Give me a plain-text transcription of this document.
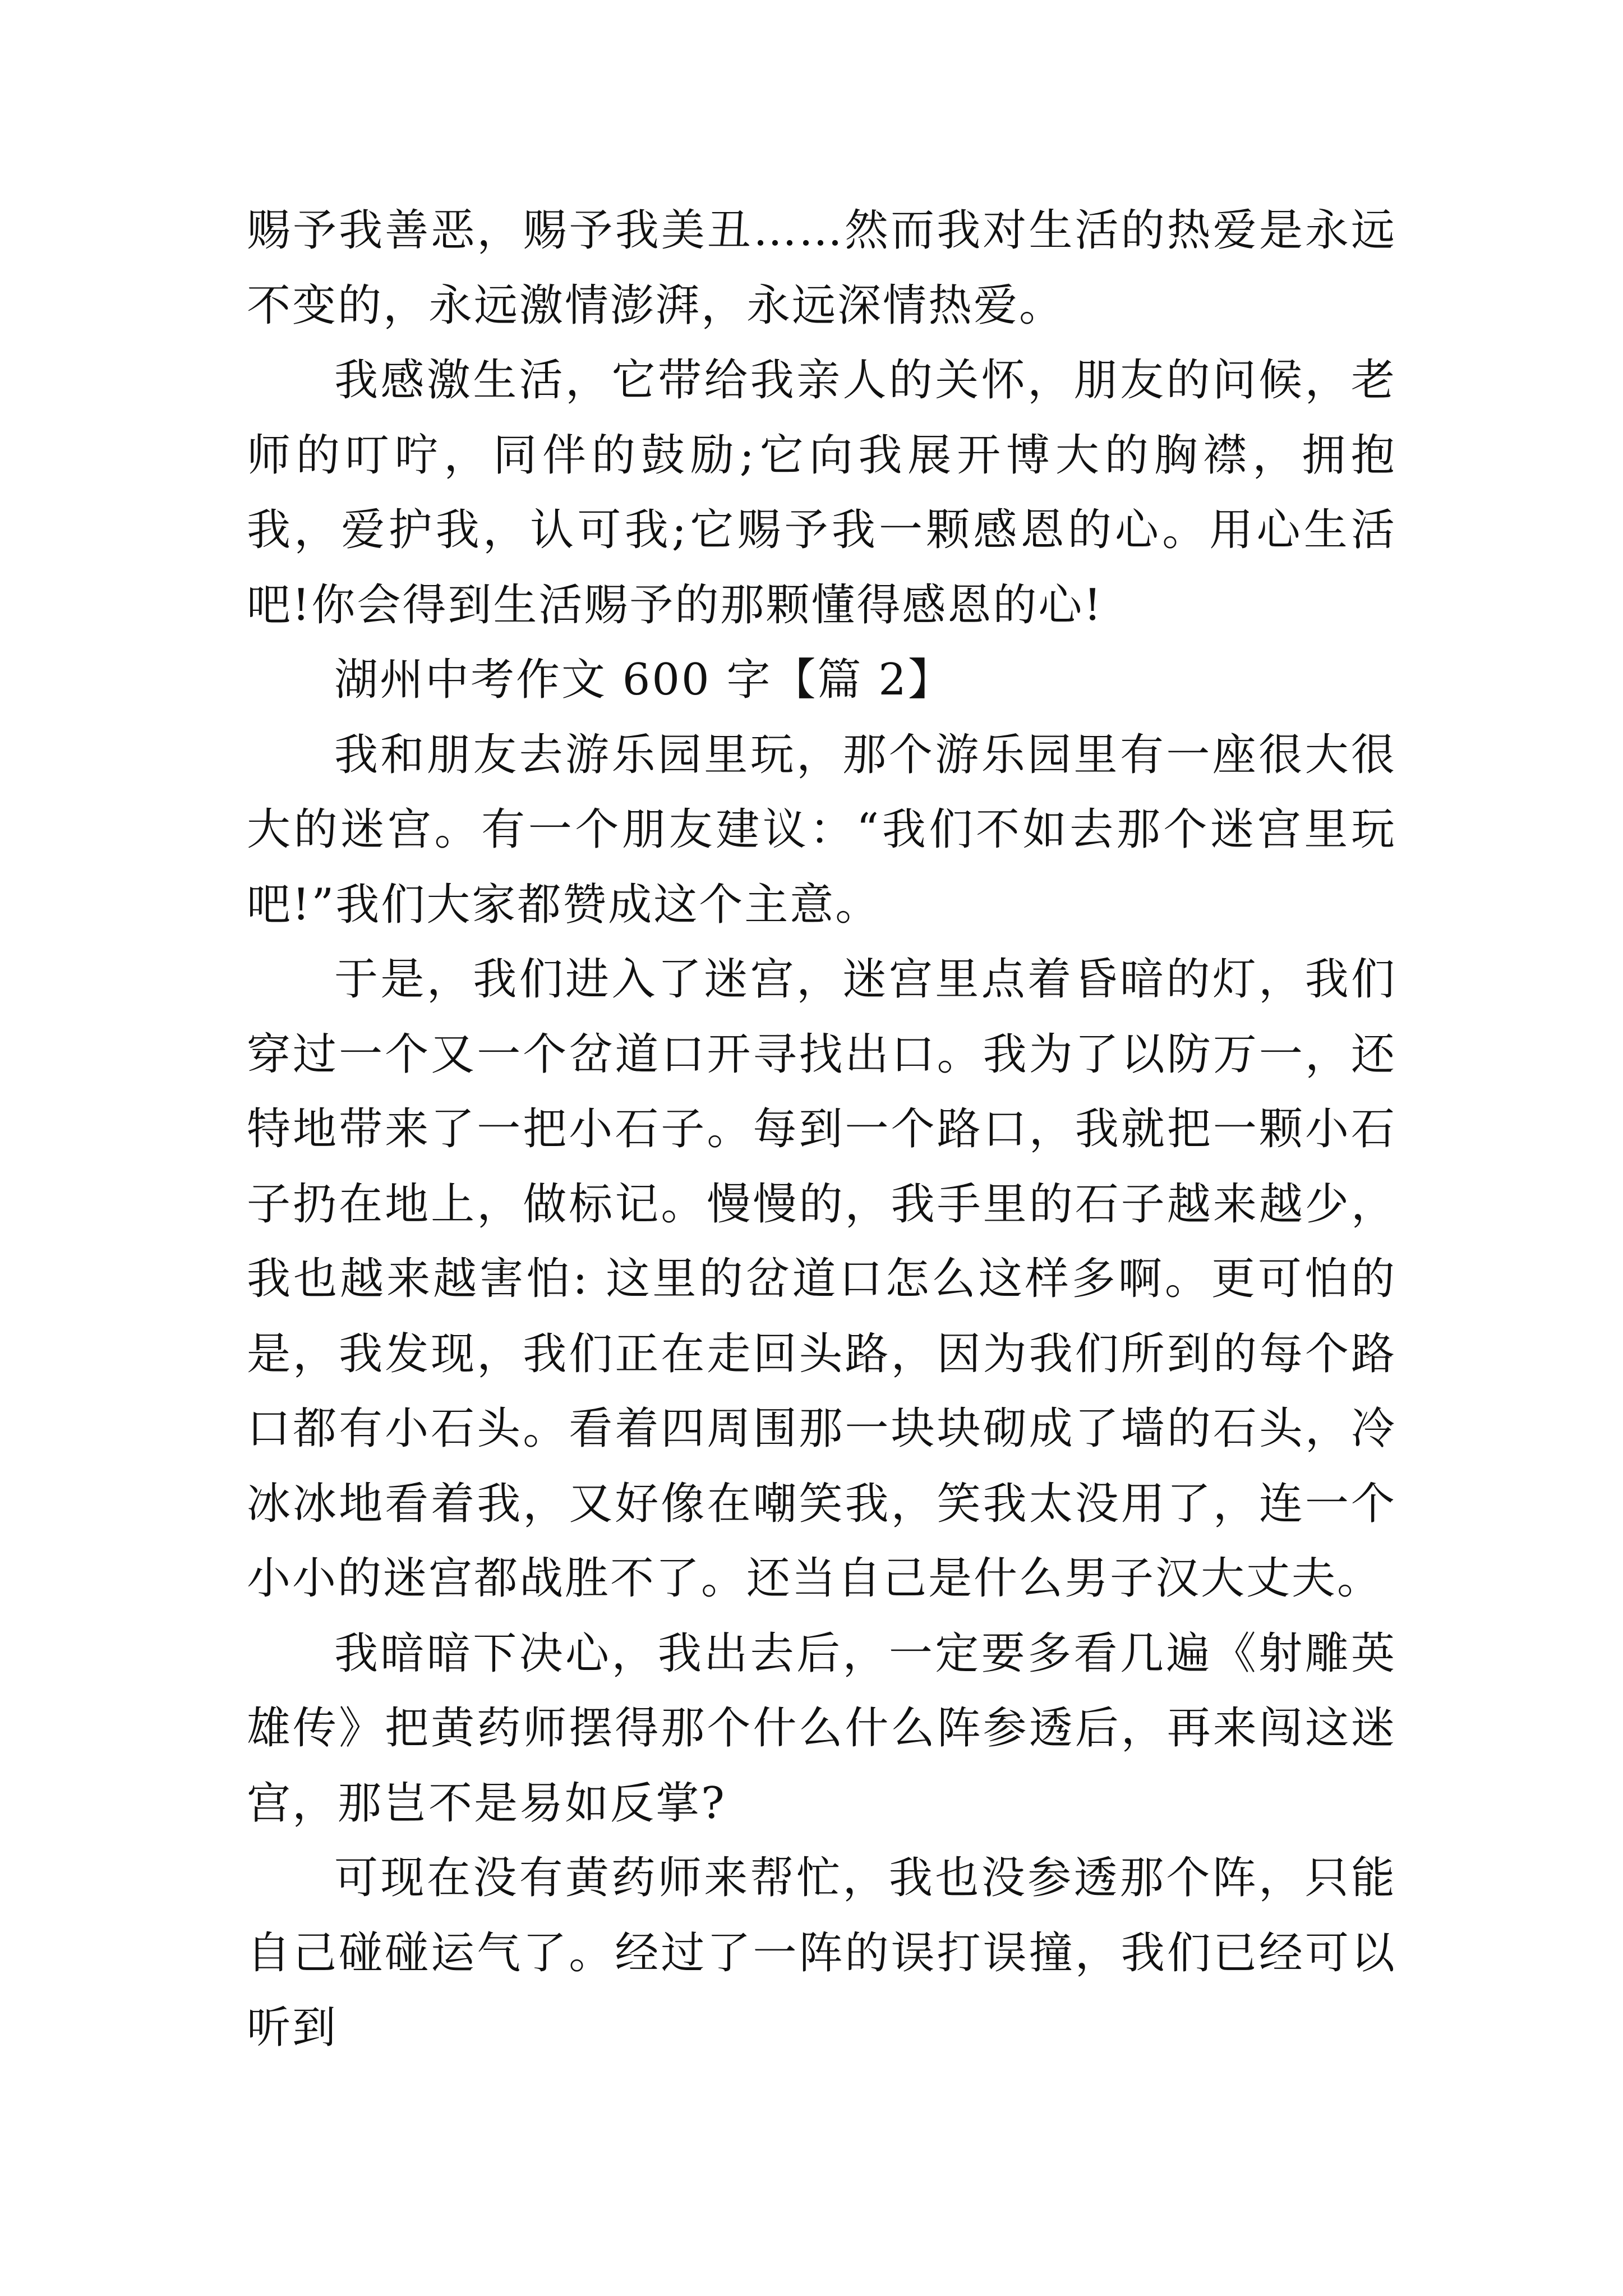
赐予我善恶，赐予我美丑……然而我对生活的热爱是永远不变的，永远激情澎湃，永远深情热爱。

我感激生活，它带给我亲人的关怀，朋友的问候，老师的叮咛，同伴的鼓励;它向我展开博大的胸襟，拥抱我，爱护我，认可我;它赐予我一颗感恩的心。用心生活吧!你会得到生活赐予的那颗懂得感恩的心!

湖州中考作文 600 字【篇 2】

我和朋友去游乐园里玩，那个游乐园里有一座很大很大的迷宫。有一个朋友建议：“我们不如去那个迷宫里玩吧!”我们大家都赞成这个主意。

于是，我们进入了迷宫，迷宫里点着昏暗的灯，我们穿过一个又一个岔道口开寻找出口。我为了以防万一，还特地带来了一把小石子。每到一个路口，我就把一颗小石子扔在地上，做标记。慢慢的，我手里的石子越来越少，我也越来越害怕: 这里的岔道口怎么这样多啊。更可怕的是，我发现，我们正在走回头路，因为我们所到的每个路口都有小石头。看着四周围那一块块砌成了墙的石头，冷冰冰地看着我，又好像在嘲笑我，笑我太没用了，连一个小小的迷宫都战胜不了。还当自己是什么男子汉大丈夫。

我暗暗下决心，我出去后，一定要多看几遍《射雕英雄传》把黄药师摆得那个什么什么阵参透后，再来闯这迷宫，那岂不是易如反掌?

可现在没有黄药师来帮忙，我也没参透那个阵，只能自己碰碰运气了。经过了一阵的误打误撞，我们已经可以听到
